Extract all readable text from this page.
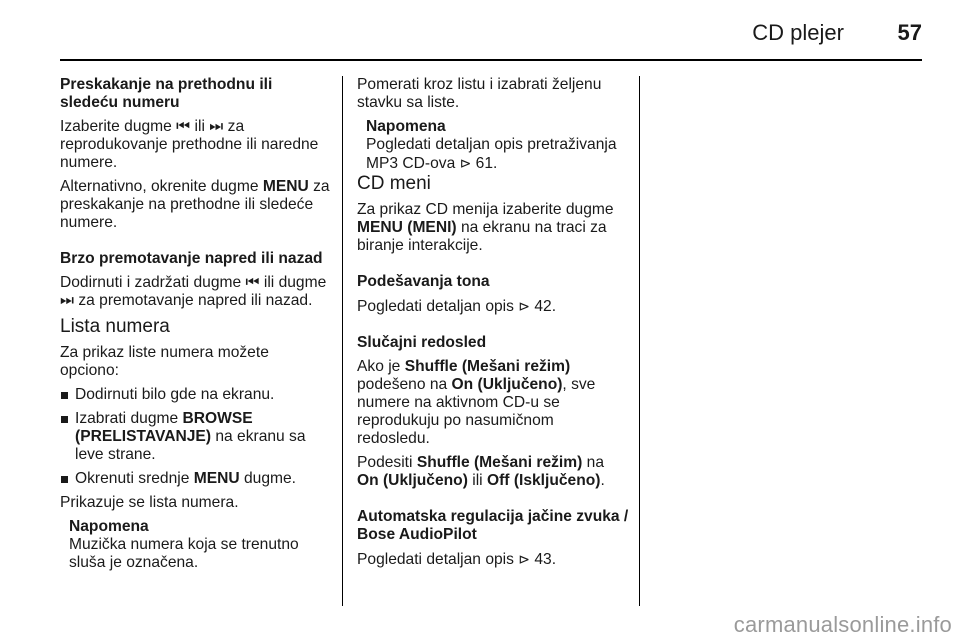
CD plejer 57

Preskakanje na prethodnu ili sledeću numeru

Izaberite dugme ⏮ ili ⏭ za reprodukovanje prethodne ili naredne numere.

Alternativno, okrenite dugme MENU za preskakanje na prethodne ili sledeće numere.

Brzo premotavanje napred ili nazad

Dodirnuti i zadržati dugme ⏮ ili dugme ⏭ za premotavanje napred ili nazad.

Lista numera

Za prikaz liste numera možete opciono:

Dodirnuti bilo gde na ekranu.

Izabrati dugme BROWSE (PRELISTAVANJE) na ekranu sa leve strane.

Okrenuti srednje MENU dugme.

Prikazuje se lista numera.

Napomena

Muzička numera koja se trenutno sluša je označena.

Pomerati kroz listu i izabrati željenu stavku sa liste.

Napomena

Pogledati detaljan opis pretraživanja MP3 CD-ova ⊳ 61.

CD meni

Za prikaz CD menija izaberite dugme MENU (MENI) na ekranu na traci za biranje interakcije.

Podešavanja tona

Pogledati detaljan opis ⊳ 42.

Slučajni redosled

Ako je Shuffle (Mešani režim) podešeno na On (Uključeno), sve numere na aktivnom CD-u se reprodukuju po nasumičnom redosledu.

Podesiti Shuffle (Mešani režim) na On (Uključeno) ili Off (Isključeno).

Automatska regulacija jačine zvuka / Bose AudioPilot

Pogledati detaljan opis ⊳ 43.

carmanualsonline.info
